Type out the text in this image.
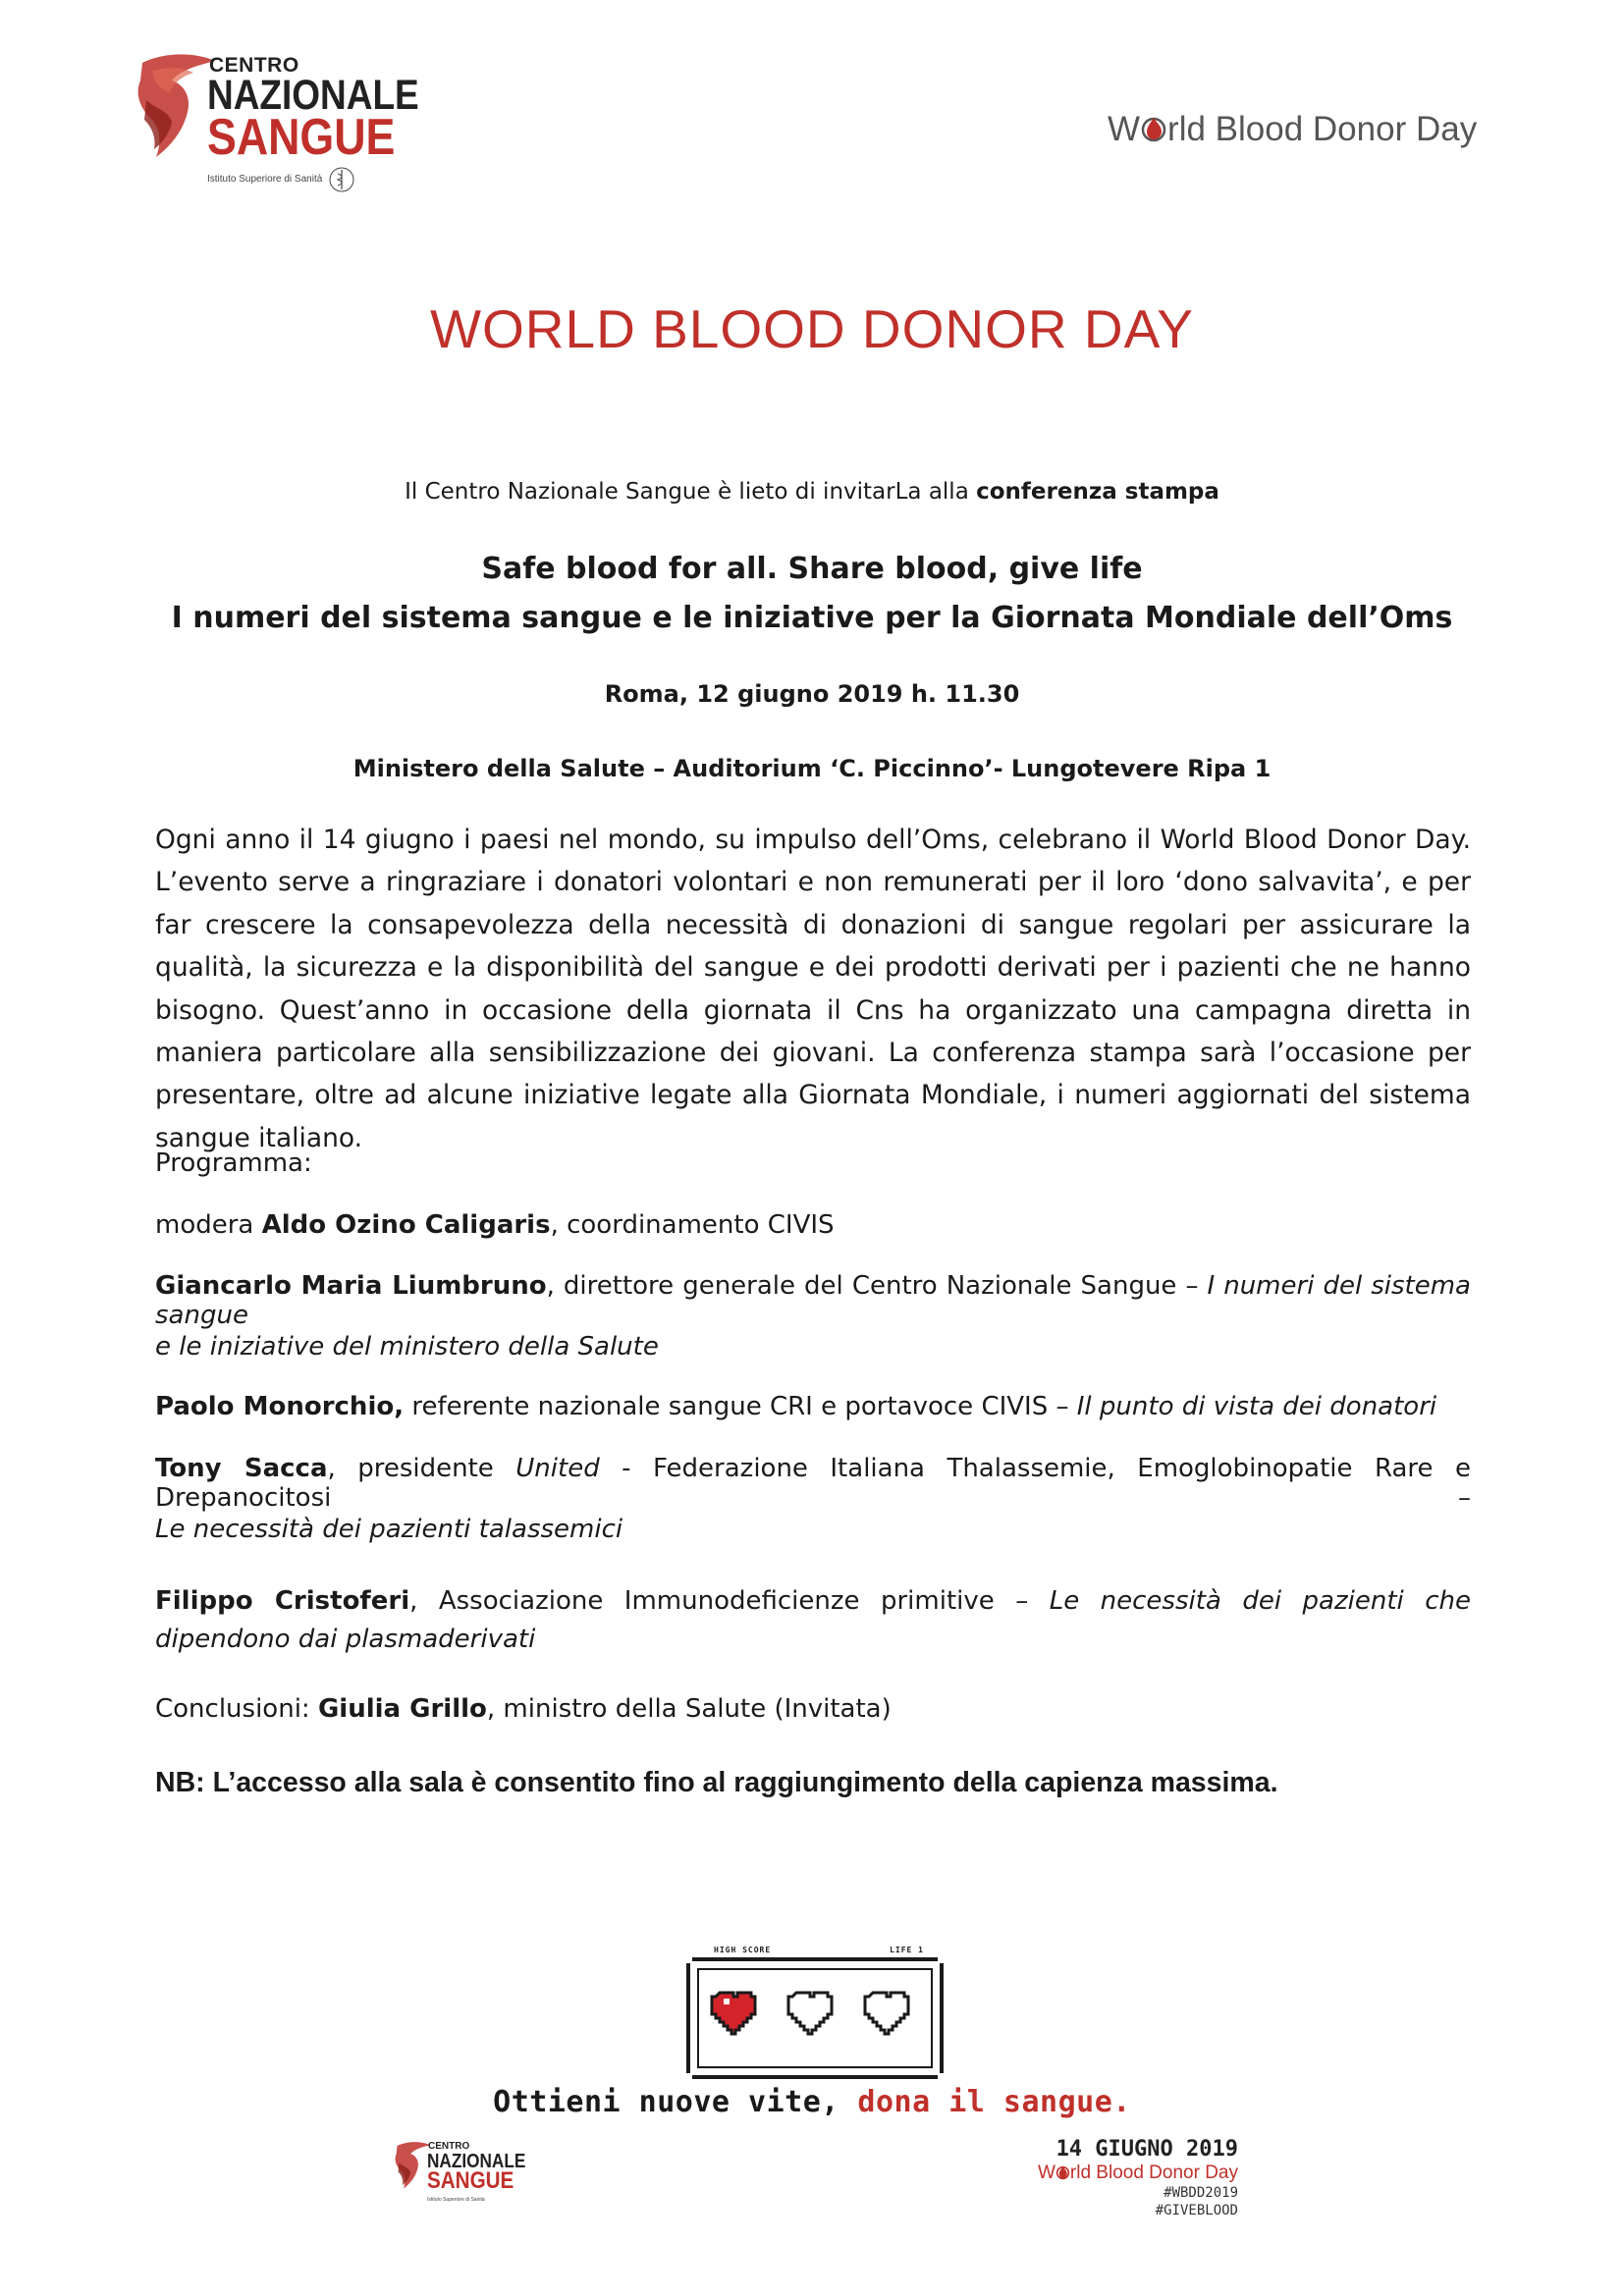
CENTRO
NAZIONALE
SANGUE
Istituto Superiore di Sanità
W rld Blood Donor Day
WORLD BLOOD DONOR DAY
Il Centro Nazionale Sangue è lieto di invitarLa alla conferenza stampa
Safe blood for all. Share blood, give life
I numeri del sistema sangue e le iniziative per la Giornata Mondiale dell’Oms
Roma, 12 giugno 2019 h. 11.30
Ministero della Salute – Auditorium ‘C. Piccinno’- Lungotevere Ripa 1
Ogni anno il 14 giugno i paesi nel mondo, su impulso dell’Oms, celebrano il World Blood Donor Day. L’evento serve a ringraziare i donatori volontari e non remunerati per il loro ‘dono salvavita’, e per far crescere la consapevolezza della necessità di donazioni di sangue regolari per assicurare la qualità, la sicurezza e la disponibilità del sangue e dei prodotti derivati per i pazienti che ne hanno bisogno. Quest’anno in occasione della giornata il Cns ha organizzato una campagna diretta in maniera particolare alla sensibilizzazione dei giovani. La conferenza stampa sarà l’occasione per presentare, oltre ad alcune iniziative legate alla Giornata Mondiale, i numeri aggiornati del sistema sangue italiano.
Programma:
modera Aldo Ozino Caligaris, coordinamento CIVIS
Giancarlo Maria Liumbruno, direttore generale del Centro Nazionale Sangue – I numeri del sistema sangue
e le iniziative del ministero della Salute
Paolo Monorchio, referente nazionale sangue CRI e portavoce CIVIS – Il punto di vista dei donatori
Tony Sacca, presidente United - Federazione Italiana Thalassemie, Emoglobinopatie Rare e Drepanocitosi –
Le necessità dei pazienti talassemici
Filippo Cristoferi, Associazione Immunodeficienze primitive – Le necessità dei pazienti che dipendono dai plasmaderivati
Conclusioni: Giulia Grillo, ministro della Salute (Invitata)
NB: L’accesso alla sala è consentito fino al raggiungimento della capienza massima.
HIGH SCORE	LIFE 1
Ottieni nuove vite, dona il sangue.
CENTRO
NAZIONALE
SANGUE
Istituto Superiore di Sanità
14 GIUGNO 2019
W rld Blood Donor Day
#WBDD2019
#GIVEBLOOD
